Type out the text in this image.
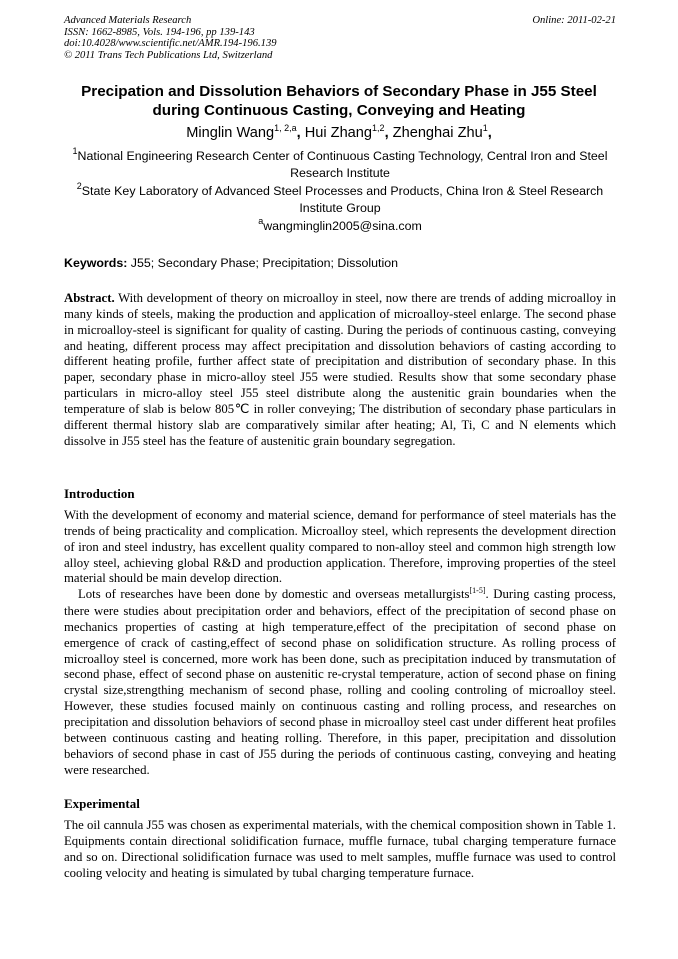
Advanced Materials Research
ISSN: 1662-8985, Vols. 194-196, pp 139-143
doi:10.4028/www.scientific.net/AMR.194-196.139
© 2011 Trans Tech Publications Ltd, Switzerland
Online: 2011-02-21
Precipation and Dissolution Behaviors of Secondary Phase in J55 Steel
during Continuous Casting, Conveying and Heating
Minglin Wang$^{1, 2,a}$, Hui Zhang$^{1,2}$, Zhenghai Zhu$^1$,
$^1$National Engineering Research Center of Continuous Casting Technology, Central Iron and Steel Research Institute
$^2$State Key Laboratory of Advanced Steel Processes and Products, China Iron & Steel Research Institute Group
$^a$wangminglin2005@sina.com
Keywords: J55; Secondary Phase; Precipitation; Dissolution
Abstract. With development of theory on microalloy in steel, now there are trends of adding microalloy in many kinds of steels, making the production and application of microalloy-steel enlarge. The second phase in microalloy-steel is significant for quality of casting. During the periods of continuous casting, conveying and heating, different process may affect precipitation and dissolution behaviors of casting according to different heating profile, further affect state of precipitation and distribution of secondary phase. In this paper, secondary phase in micro-alloy steel J55 were studied. Results show that some secondary phase particulars in micro-alloy steel J55 steel distribute along the austenitic grain boundaries when the temperature of slab is below 805℃ in roller conveying; The distribution of secondary phase particulars in different thermal history slab are comparatively similar after heating; Al, Ti, C and N elements which dissolve in J55 steel has the feature of austenitic grain boundary segregation.
Introduction

With the development of economy and material science, demand for performance of steel materials has the trends of being practicality and complication. Microalloy steel, which represents the development direction of iron and steel industry, has excellent quality compared to non-alloy steel and common high strength low alloy steel, achieving global R&D and production application. Therefore, improving properties of the steel material should be main develop direction.

Lots of researches have been done by domestic and overseas metallurgists[1-5]. During casting process, there were studies about precipitation order and behaviors, effect of the precipitation of second phase on mechanics properties of casting at high temperature,effect of the precipitation of second phase on emergence of crack of casting,effect of second phase on solidification structure. As rolling process of microalloy steel is concerned, more work has been done, such as precipitation induced by transmutation of second phase, effect of second phase on austenitic re-crystal temperature, action of second phase on fining crystal size,strengthing mechanism of second phase, rolling and cooling controling of microalloy steel. However, these studies focused mainly on continuous casting and rolling process, and researches on precipitation and dissolution behaviors of second phase in microalloy steel cast under different heat profiles between continuous casting and heating rolling. Therefore, in this paper, precipitation and dissolution behaviors of second phase in cast of J55 during the periods of continuous casting, conveying and heating were researched.

Experimental
The oil cannula J55 was chosen as experimental materials, with the chemical composition shown in Table 1. Equipments contain directional solidification furnace, muffle furnace, tubal charging temperature furnace and so on. Directional solidification furnace was used to melt samples, muffle furnace was used to control cooling velocity and heating is simulated by tubal charging temperature furnace.
